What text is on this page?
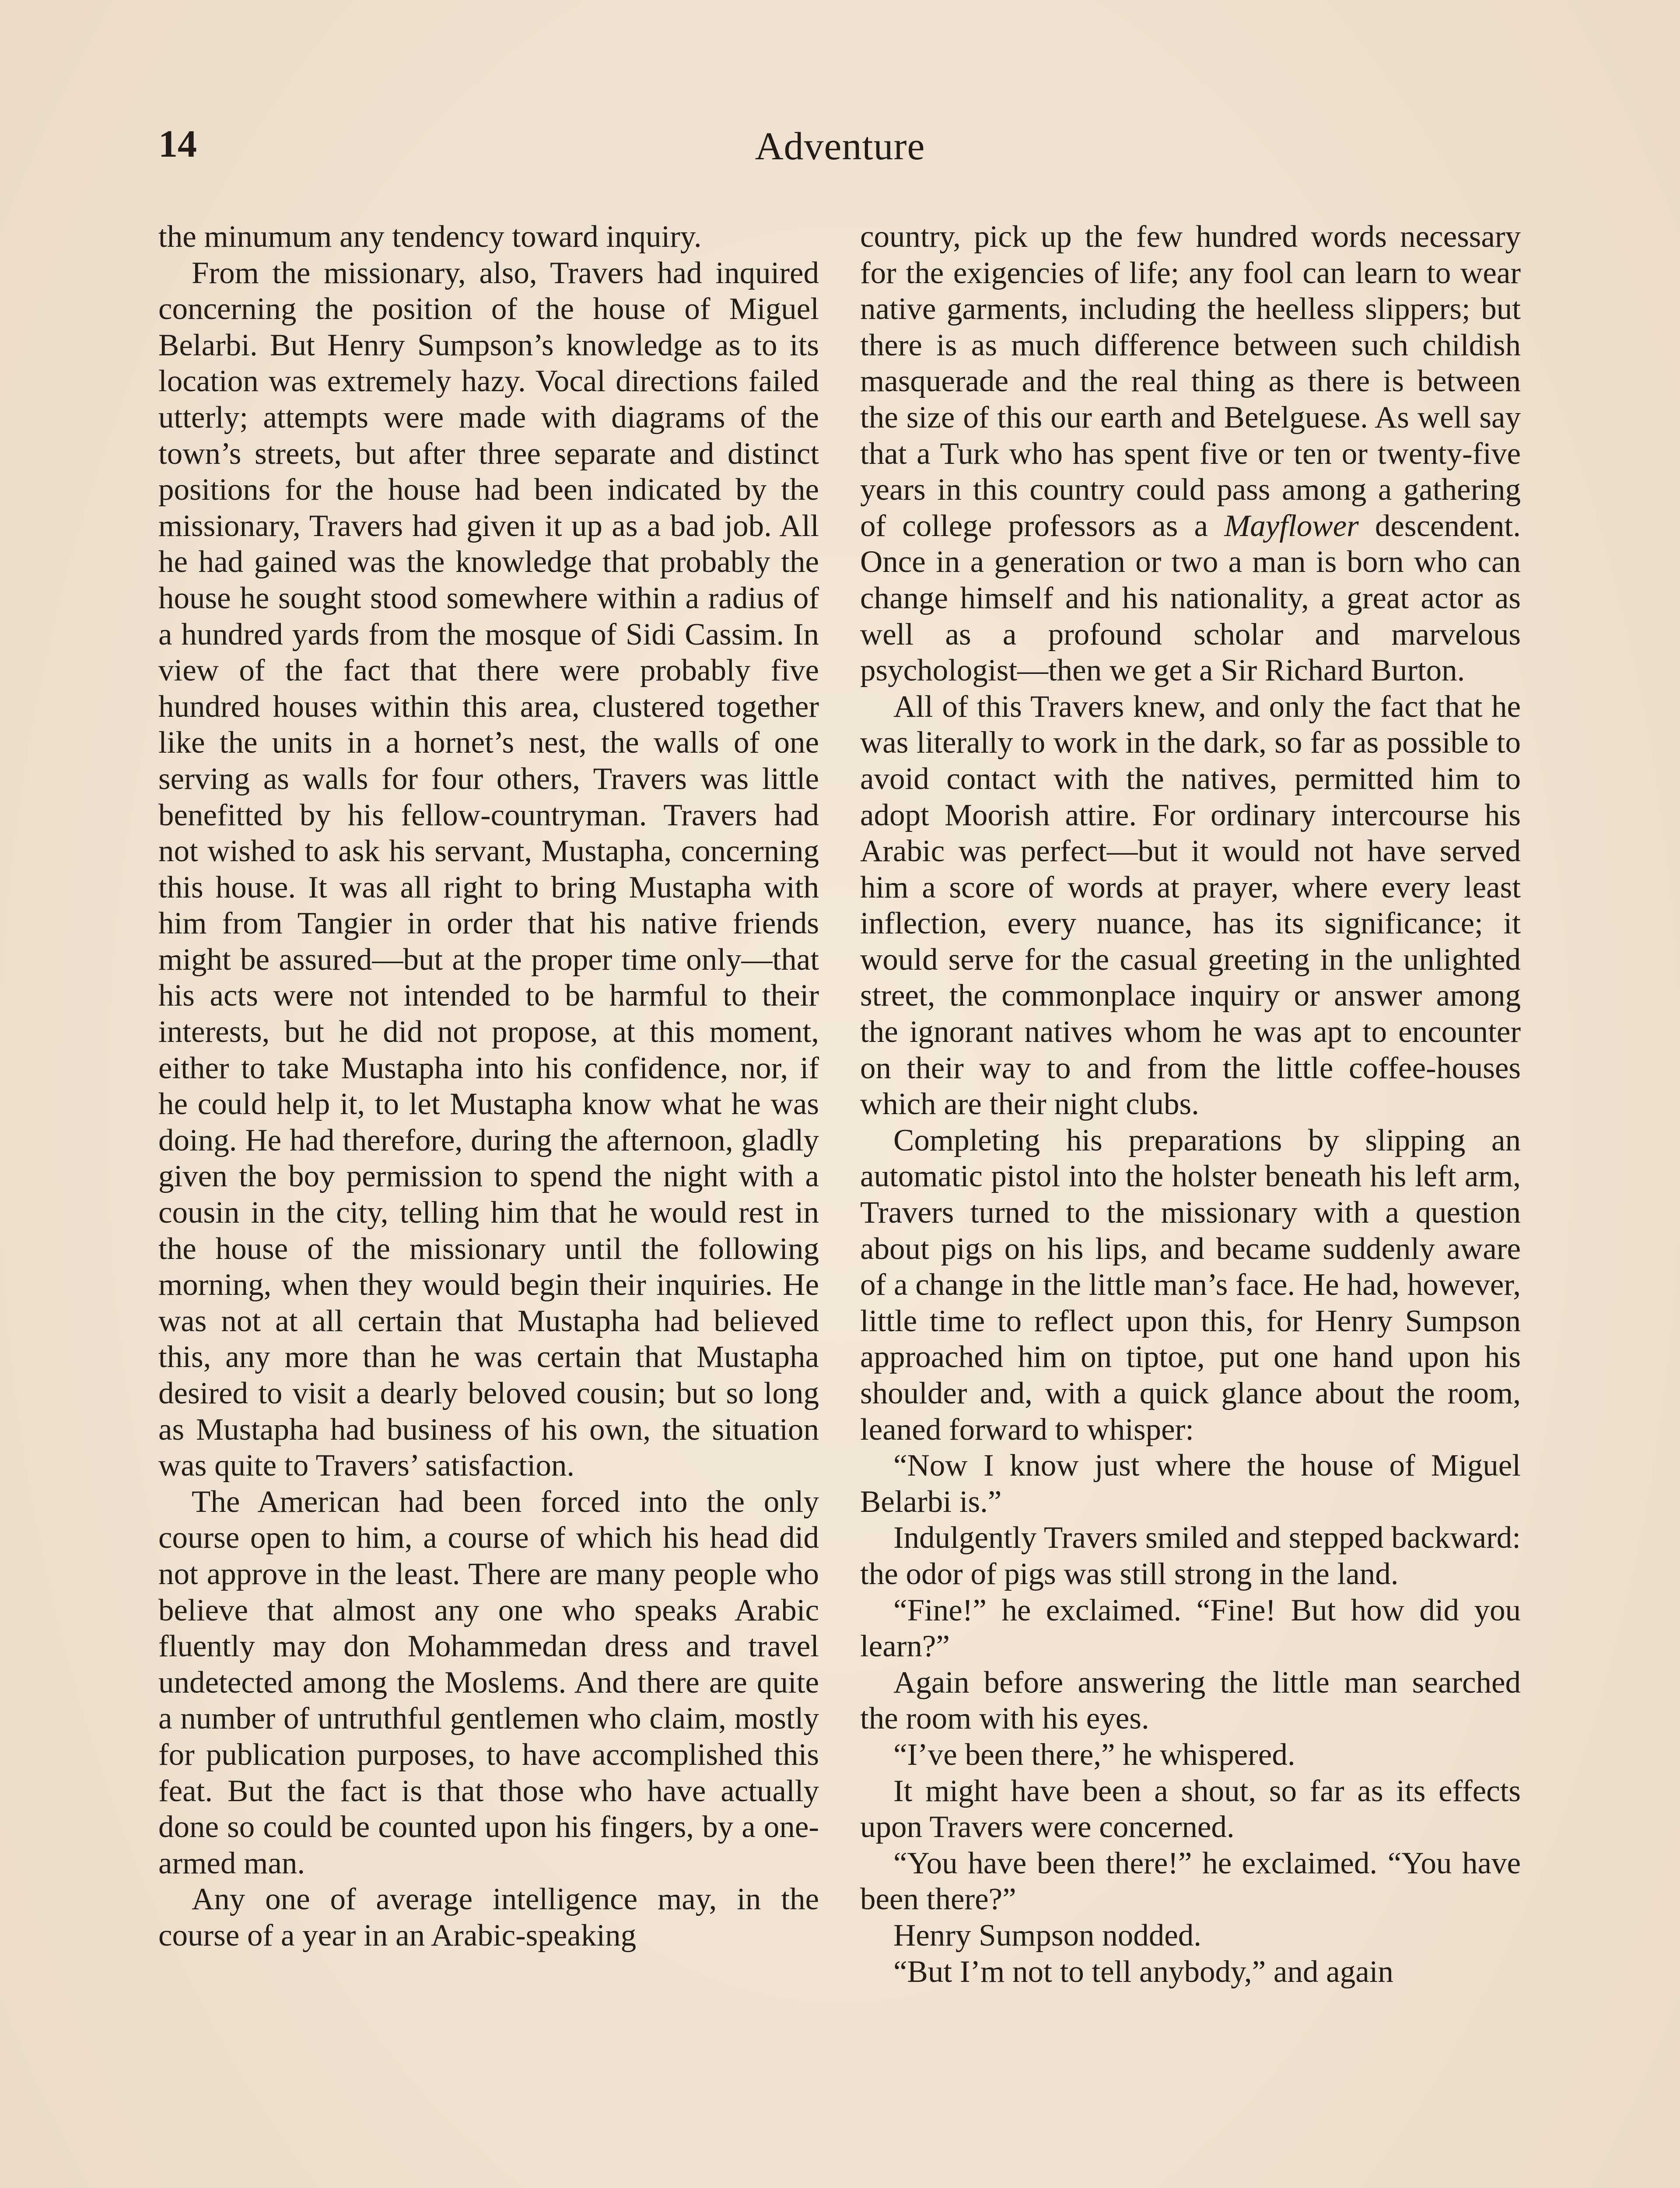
14	Adventure

the minumum any tendency toward inquiry.

From the missionary, also, Travers had inquired concerning the position of the house of Miguel Belarbi. But Henry Sumpson’s knowledge as to its location was extremely hazy. Vocal directions failed utterly; attempts were made with diagrams of the town’s streets, but after three separate and distinct positions for the house had been indicated by the missionary, Travers had given it up as a bad job. All he had gained was the knowledge that probably the house he sought stood somewhere within a radius of a hundred yards from the mosque of Sidi Cassim. In view of the fact that there were probably five hundred houses within this area, clustered together like the units in a hornet’s nest, the walls of one serving as walls for four others, Travers was little benefitted by his fellow-countryman. Travers had not wished to ask his servant, Mustapha, concerning this house. It was all right to bring Mustapha with him from Tangier in order that his native friends might be assured—but at the proper time only—that his acts were not intended to be harmful to their interests, but he did not propose, at this moment, either to take Mustapha into his confidence, nor, if he could help it, to let Mustapha know what he was doing. He had therefore, during the afternoon, gladly given the boy permission to spend the night with a cousin in the city, telling him that he would rest in the house of the missionary until the following morning, when they would begin their inquiries. He was not at all certain that Mustapha had believed this, any more than he was certain that Mustapha desired to visit a dearly beloved cousin; but so long as Mustapha had business of his own, the situation was quite to Travers’ satisfaction.

The American had been forced into the only course open to him, a course of which his head did not approve in the least. There are many people who believe that almost any one who speaks Arabic fluently may don Mohammedan dress and travel undetected among the Moslems. And there are quite a number of untruthful gentlemen who claim, mostly for publication purposes, to have accomplished this feat. But the fact is that those who have actually done so could be counted upon his fingers, by a one-armed man.

Any one of average intelligence may, in the course of a year in an Arabic-speaking

country, pick up the few hundred words necessary for the exigencies of life; any fool can learn to wear native garments, including the heelless slippers; but there is as much difference between such childish masquerade and the real thing as there is between the size of this our earth and Betelguese. As well say that a Turk who has spent five or ten or twenty-five years in this country could pass among a gathering of college professors as a Mayflower descendent. Once in a generation or two a man is born who can change himself and his nationality, a great actor as well as a profound scholar and marvelous psychologist—then we get a Sir Richard Burton.

All of this Travers knew, and only the fact that he was literally to work in the dark, so far as possible to avoid contact with the natives, permitted him to adopt Moorish attire. For ordinary intercourse his Arabic was perfect—but it would not have served him a score of words at prayer, where every least inflection, every nuance, has its significance; it would serve for the casual greeting in the unlighted street, the commonplace inquiry or answer among the ignorant natives whom he was apt to encounter on their way to and from the little coffee-houses which are their night clubs.

Completing his preparations by slipping an automatic pistol into the holster beneath his left arm, Travers turned to the missionary with a question about pigs on his lips, and became suddenly aware of a change in the little man’s face. He had, however, little time to reflect upon this, for Henry Sumpson approached him on tiptoe, put one hand upon his shoulder and, with a quick glance about the room, leaned forward to whisper:

“Now I know just where the house of Miguel Belarbi is.”

Indulgently Travers smiled and stepped backward: the odor of pigs was still strong in the land.

“Fine!” he exclaimed. “Fine! But how did you learn?”

Again before answering the little man searched the room with his eyes.

“I’ve been there,” he whispered.

It might have been a shout, so far as its effects upon Travers were concerned.

“You have been there!” he exclaimed. “You have been there?”

Henry Sumpson nodded.

“But I’m not to tell anybody,” and again
